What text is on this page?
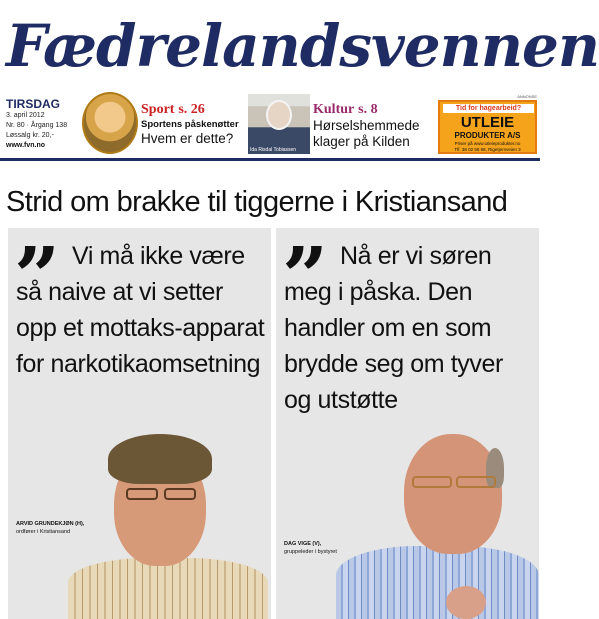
Fædrelandsvennen
TIRSDAG
3. april 2012
Nr. 80 · Årgang 138
Løssalg kr. 20,-
www.fvn.no
Sport s. 26
Sportens påskenøtter
Hvem er dette?
Ida Risdal Tobiassen
Kultur s. 8
Hørselshemmede klager på Kilden
ANNONSE
Tid for hagearbeid?
UTLEIE
PRODUKTER A/S
Priser på www.utleieprodukter.no
Tlf. 38 02 58 88, Rigetjernveien 3
Strid om brakke til tiggerne i Kristiansand
” Vi må ikke være så naive at vi setter opp et mottaks-apparat for narkotikaomsetning
ARVID GRUNDEKJØN (H),
ordfører i Kristiansand
” Nå er vi søren meg i påska. Den handler om en som brydde seg om tyver og utstøtte
DAG VIGE (V),
gruppeleder i bystyret
